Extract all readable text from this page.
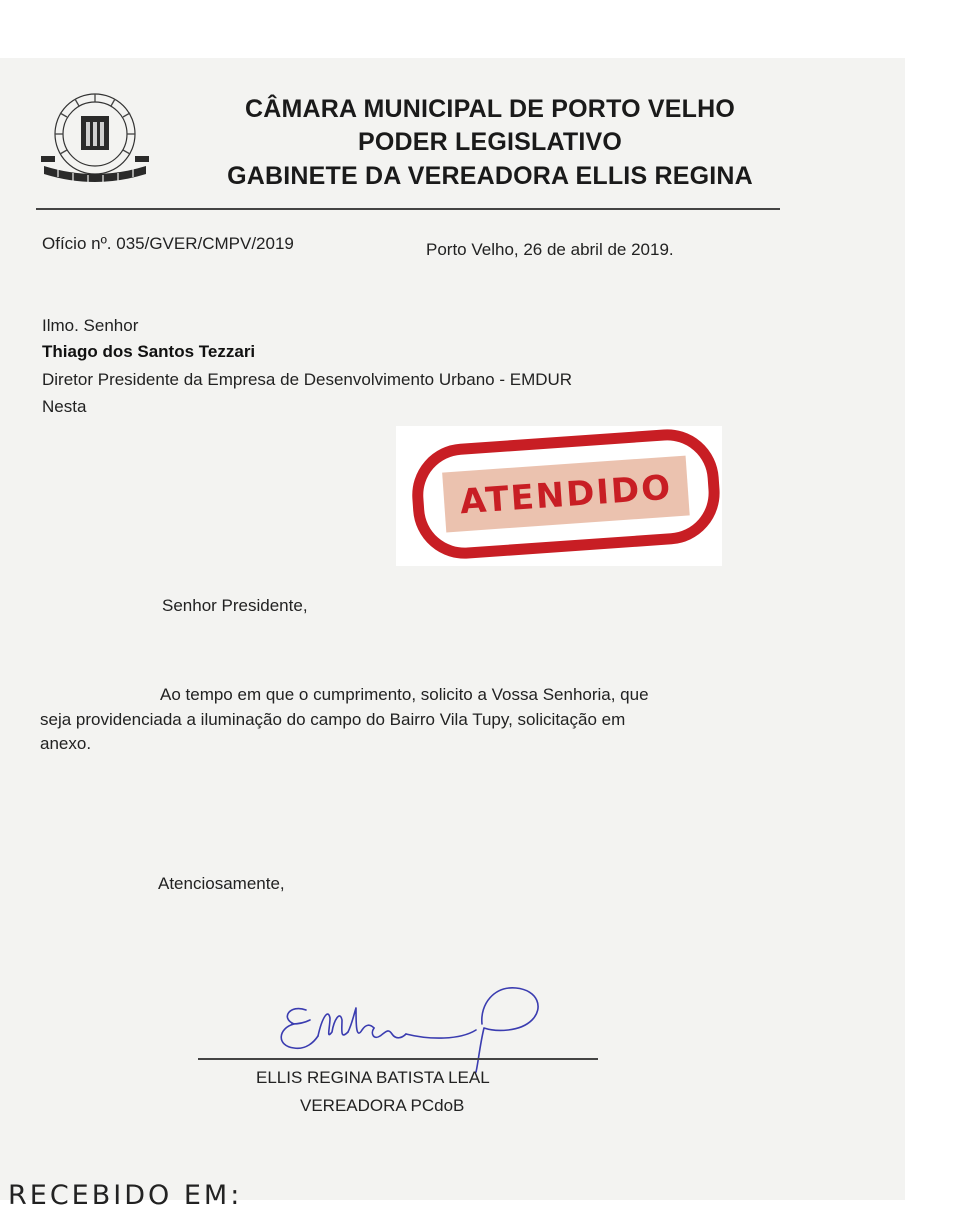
CÂMARA MUNICIPAL DE PORTO VELHO
PODER LEGISLATIVO
GABINETE DA VEREADORA ELLIS REGINA
Ofício nº. 035/GVER/CMPV/2019	Porto Velho, 26 de abril de 2019.
Ilmo. Senhor
Thiago dos Santos Tezzari
Diretor Presidente da Empresa de Desenvolvimento Urbano - EMDUR
Nesta
ATENDIDO
Senhor Presidente,
Ao tempo em que o cumprimento, solicito a Vossa Senhoria, que
seja providenciada a iluminação do campo do Bairro Vila Tupy, solicitação em
anexo.
Atenciosamente,
ELLIS REGINA BATISTA LEAL
VEREADORA PCdoB
RECEBIDO EM:
